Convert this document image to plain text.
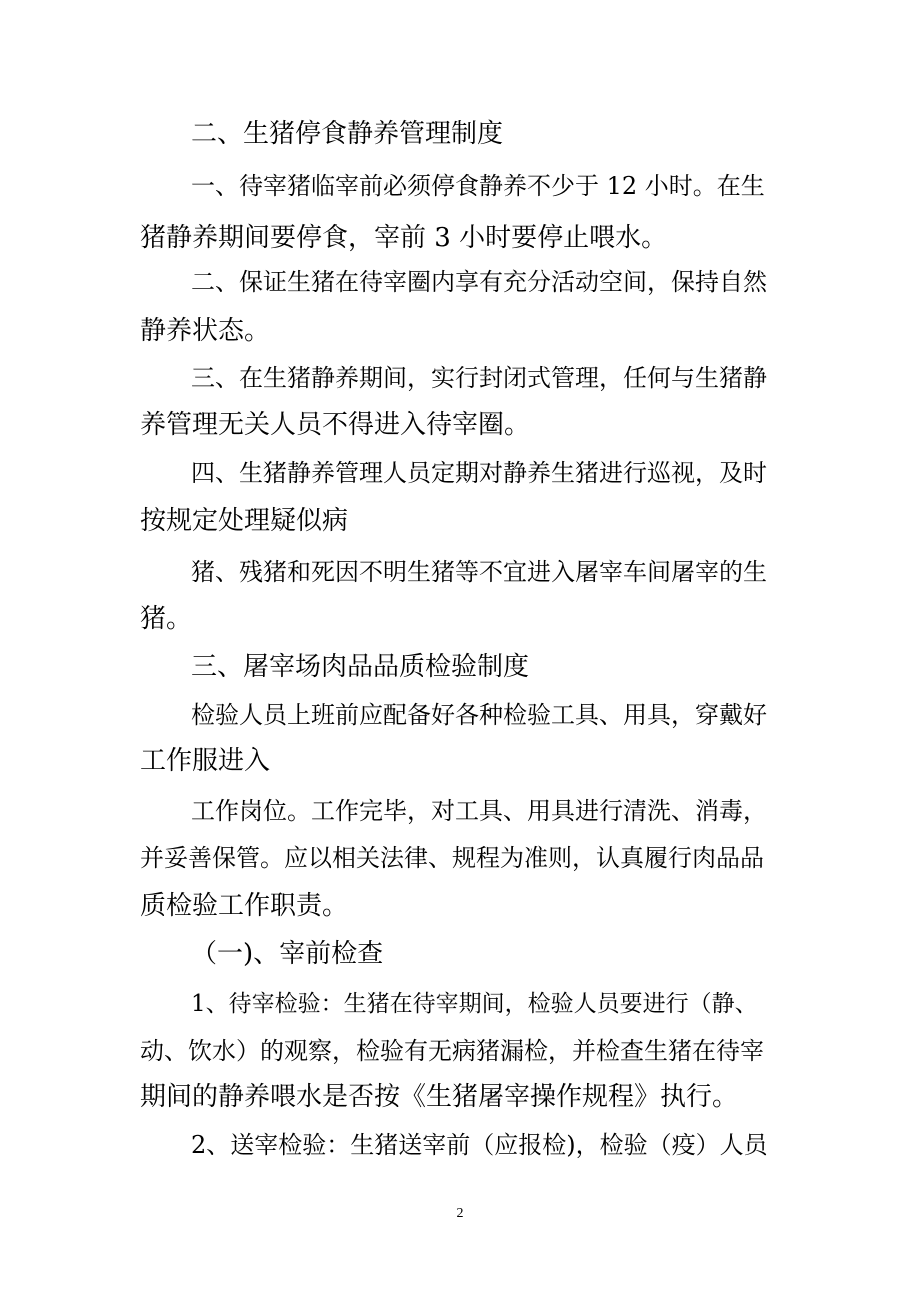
二、生猪停食静养管理制度
一、待宰猪临宰前必须停食静养不少于 12 小时。在生
猪静养期间要停食，宰前 3 小时要停止喂水。
二、保证生猪在待宰圈内享有充分活动空间，保持自然
静养状态。
三、在生猪静养期间，实行封闭式管理，任何与生猪静
养管理无关人员不得进入待宰圈。
四、生猪静养管理人员定期对静养生猪进行巡视，及时
按规定处理疑似病
猪、残猪和死因不明生猪等不宜进入屠宰车间屠宰的生
猪。
三、屠宰场肉品品质检验制度
检验人员上班前应配备好各种检验工具、用具，穿戴好
工作服进入
工作岗位。工作完毕，对工具、用具进行清洗、消毒，
并妥善保管。应以相关法律、规程为准则，认真履行肉品品
质检验工作职责。
（一)、宰前检查
1、待宰检验：生猪在待宰期间，检验人员要进行（静、
动、饮水）的观察，检验有无病猪漏检，并检查生猪在待宰
期间的静养喂水是否按《生猪屠宰操作规程》执行。
2、送宰检验：生猪送宰前（应报检)，检验（疫）人员
2
